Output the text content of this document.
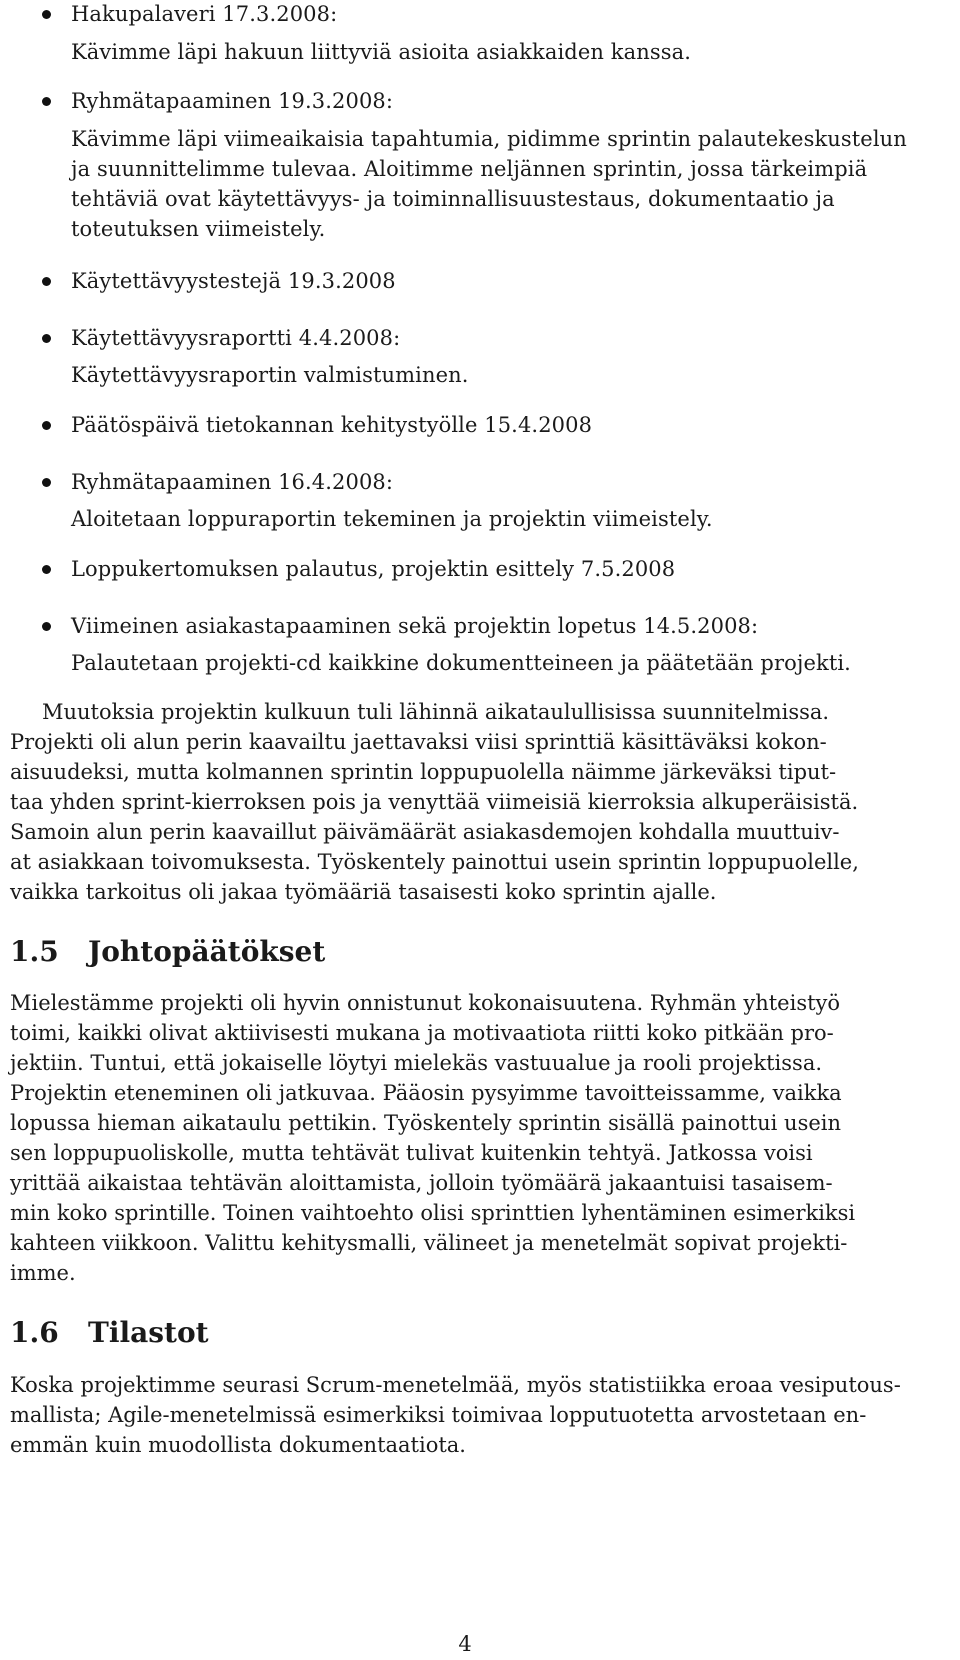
Hakupalaveri 17.3.2008:
Kävimme läpi hakuun liittyviä asioita asiakkaiden kanssa.
Ryhmätapaaminen 19.3.2008:
Kävimme läpi viimeaikaisia tapahtumia, pidimme sprintin palautekeskustelun
ja suunnittelimme tulevaa. Aloitimme neljännen sprintin, jossa tärkeimpiä
tehtäviä ovat käytettävyys- ja toiminnallisuustestaus, dokumentaatio ja
toteutuksen viimeistely.
Käytettävyystestejä 19.3.2008
Käytettävyysraportti 4.4.2008:
Käytettävyysraportin valmistuminen.
Päätöspäivä tietokannan kehitystyölle 15.4.2008
Ryhmätapaaminen 16.4.2008:
Aloitetaan loppuraportin tekeminen ja projektin viimeistely.
Loppukertomuksen palautus, projektin esittely 7.5.2008
Viimeinen asiakastapaaminen sekä projektin lopetus 14.5.2008:
Palautetaan projekti-cd kaikkine dokumentteineen ja päätetään projekti.
Muutoksia projektin kulkuun tuli lähinnä aikataulullisissa suunnitelmissa.
Projekti oli alun perin kaavailtu jaettavaksi viisi sprinttiä käsittäväksi kokon-
aisuudeksi, mutta kolmannen sprintin loppupuolella näimme järkeväksi tiput-
taa yhden sprint-kierroksen pois ja venyttää viimeisiä kierroksia alkuperäisistä.
Samoin alun perin kaavaillut päivämäärät asiakasdemojen kohdalla muuttuiv-
at asiakkaan toivomuksesta. Työskentely painottui usein sprintin loppupuolelle,
vaikka tarkoitus oli jakaa työmääriä tasaisesti koko sprintin ajalle.
1.5 Johtopäätökset
Mielestämme projekti oli hyvin onnistunut kokonaisuutena. Ryhmän yhteistyö
toimi, kaikki olivat aktiivisesti mukana ja motivaatiota riitti koko pitkään pro-
jektiin. Tuntui, että jokaiselle löytyi mielekäs vastuualue ja rooli projektissa.
Projektin eteneminen oli jatkuvaa. Pääosin pysyimme tavoitteissamme, vaikka
lopussa hieman aikataulu pettikin. Työskentely sprintin sisällä painottui usein
sen loppupuoliskolle, mutta tehtävät tulivat kuitenkin tehtyä. Jatkossa voisi
yrittää aikaistaa tehtävän aloittamista, jolloin työmäärä jakaantuisi tasaisem-
min koko sprintille. Toinen vaihtoehto olisi sprinttien lyhentäminen esimerkiksi
kahteen viikkoon. Valittu kehitysmalli, välineet ja menetelmät sopivat projekti-
imme.
1.6 Tilastot
Koska projektimme seurasi Scrum-menetelmää, myös statistiikka eroaa vesiputous-
mallista; Agile-menetelmissä esimerkiksi toimivaa lopputuotetta arvostetaan en-
emmän kuin muodollista dokumentaatiota.
4
